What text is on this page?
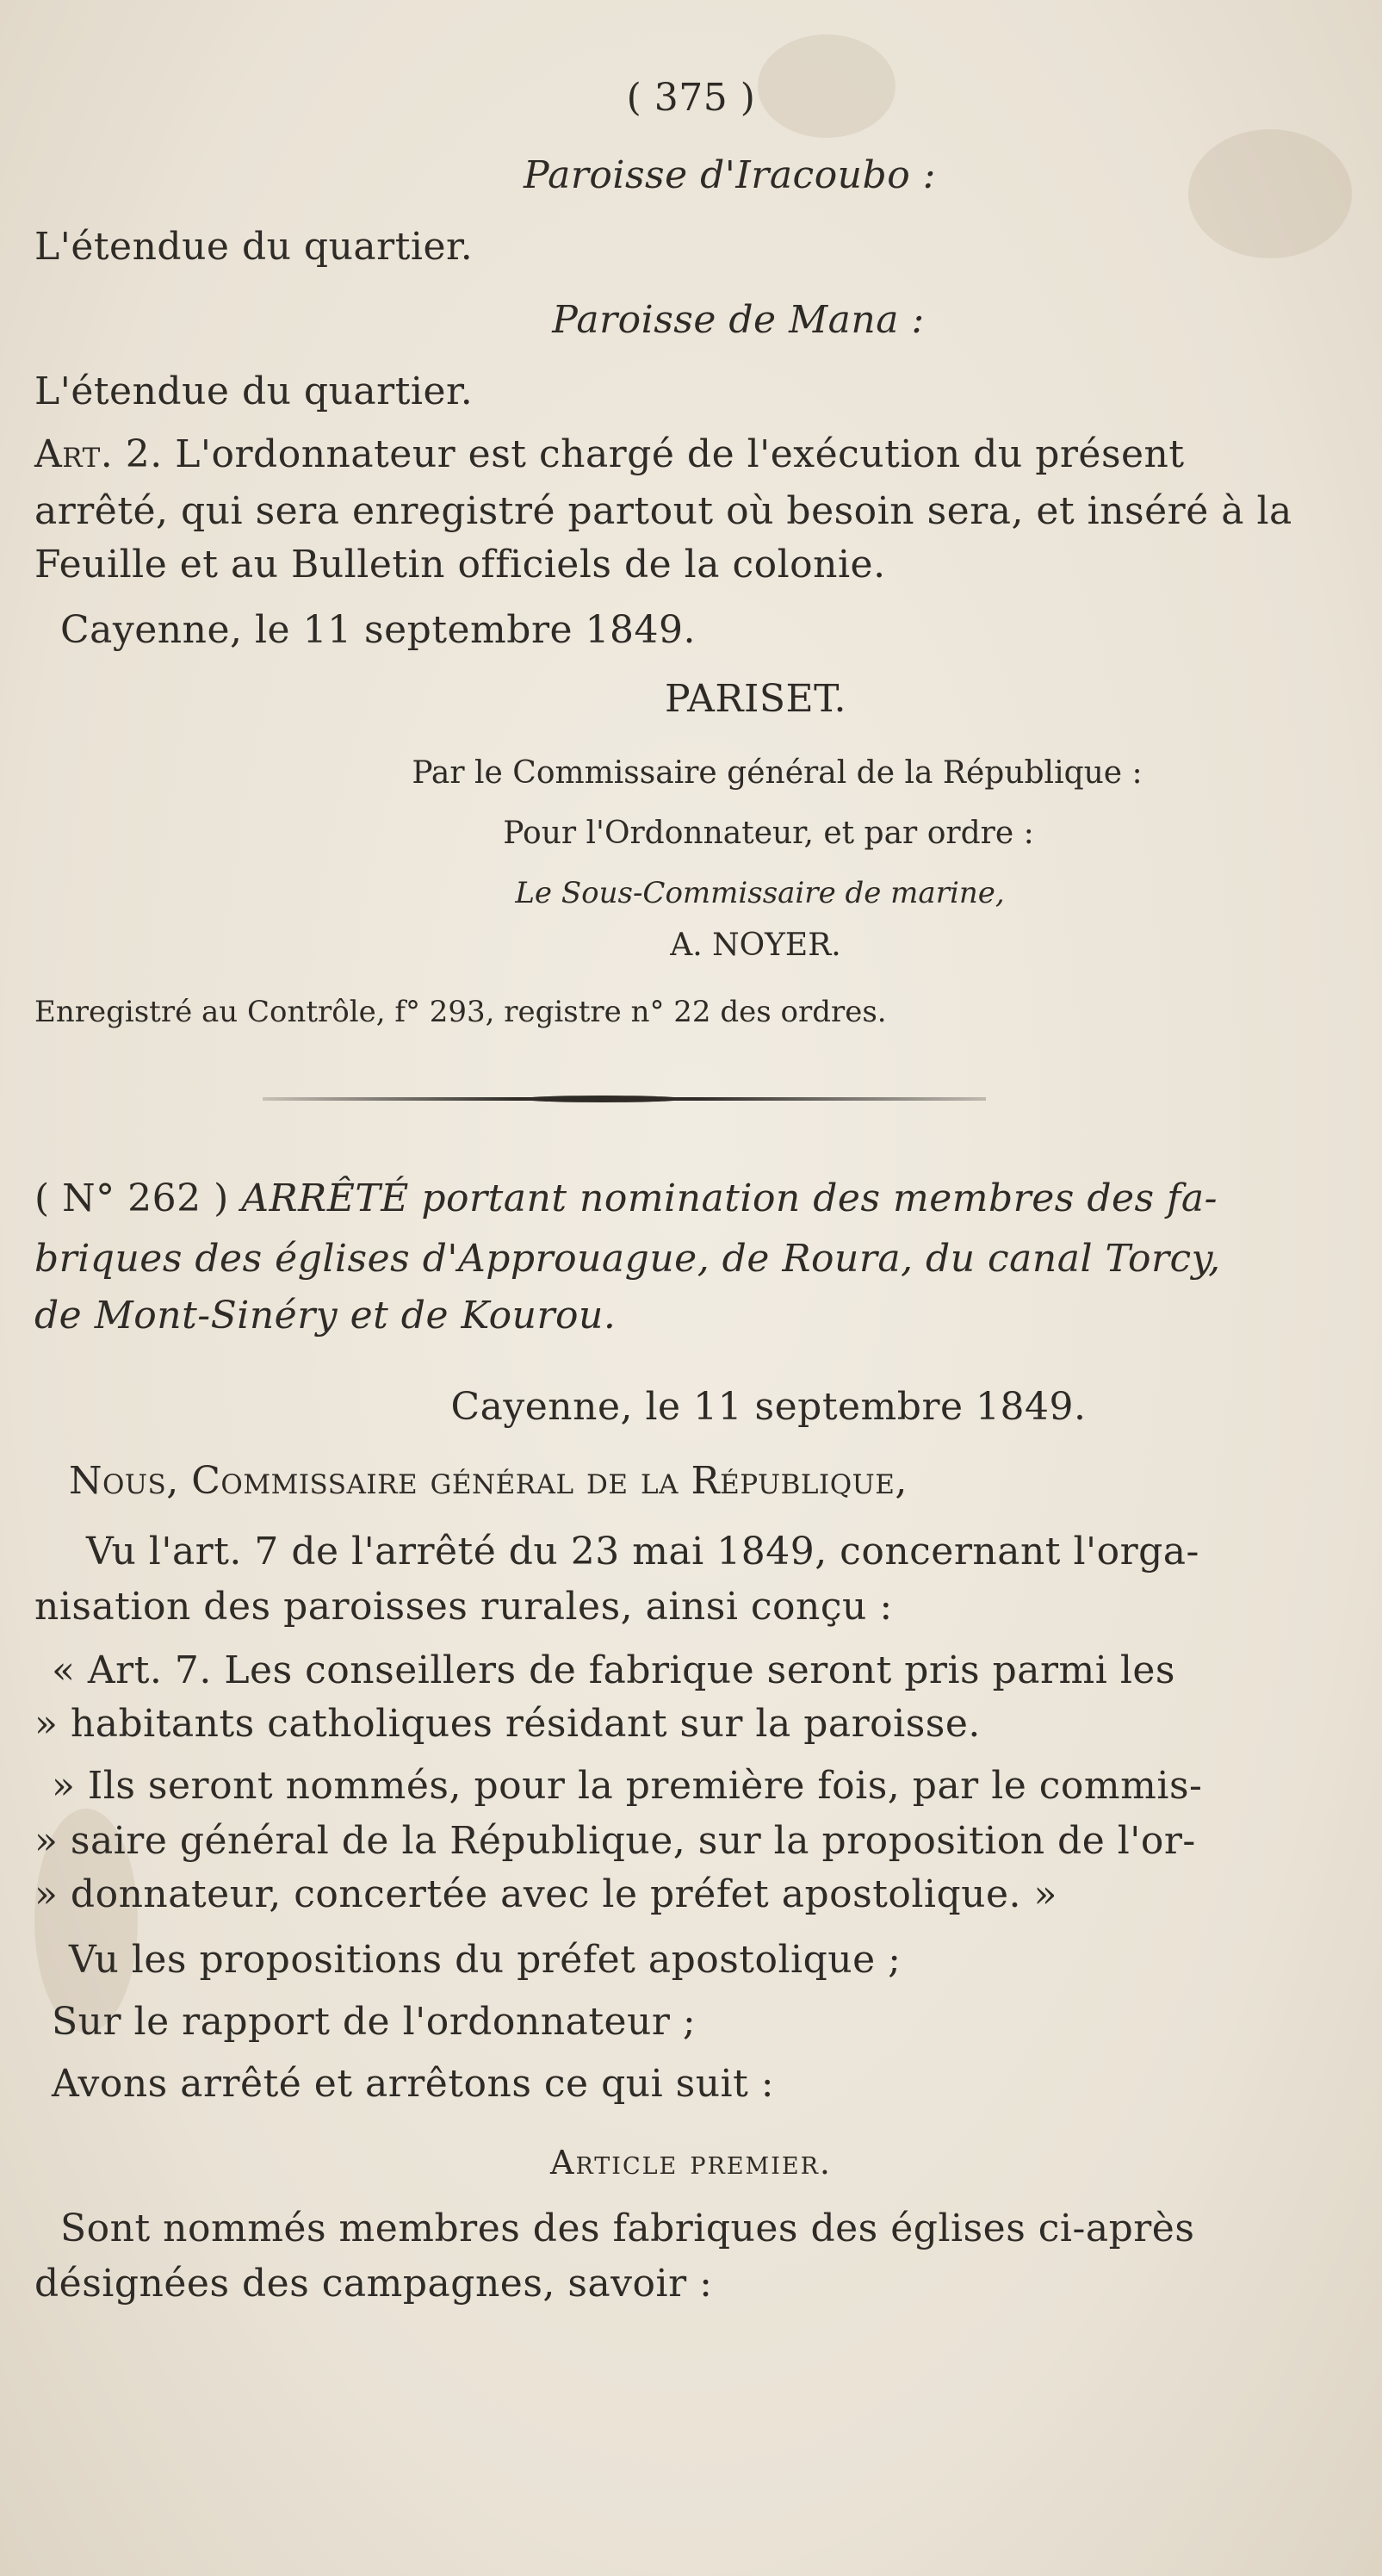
( 375 )
Paroisse d'Iracoubo :
L'étendue du quartier.
Paroisse de Mana :
L'étendue du quartier.
Art. 2. L'ordonnateur est chargé de l'exécution du présent
arrêté, qui sera enregistré partout où besoin sera, et inséré à la
Feuille et au Bulletin officiels de la colonie.
Cayenne, le 11 septembre 1849.
PARISET.
Par le Commissaire général de la République :
Pour l'Ordonnateur, et par ordre :
Le Sous-Commissaire de marine,
A. NOYER.
Enregistré au Contrôle, f° 293, registre n° 22 des ordres.
( N° 262 ) ARRÊTÉ portant nomination des membres des fa-
briques des églises d'Approuague, de Roura, du canal Torcy,
de Mont-Sinéry et de Kourou.
Cayenne, le 11 septembre 1849.
Nous, Commissaire général de la République,
Vu l'art. 7 de l'arrêté du 23 mai 1849, concernant l'orga-
nisation des paroisses rurales, ainsi conçu :
« Art. 7. Les conseillers de fabrique seront pris parmi les
» habitants catholiques résidant sur la paroisse.
» Ils seront nommés, pour la première fois, par le commis-
» saire général de la République, sur la proposition de l'or-
» donnateur, concertée avec le préfet apostolique. »
Vu les propositions du préfet apostolique ;
Sur le rapport de l'ordonnateur ;
Avons arrêté et arrêtons ce qui suit :
Article premier.
Sont nommés membres des fabriques des églises ci-après
désignées des campagnes, savoir :
